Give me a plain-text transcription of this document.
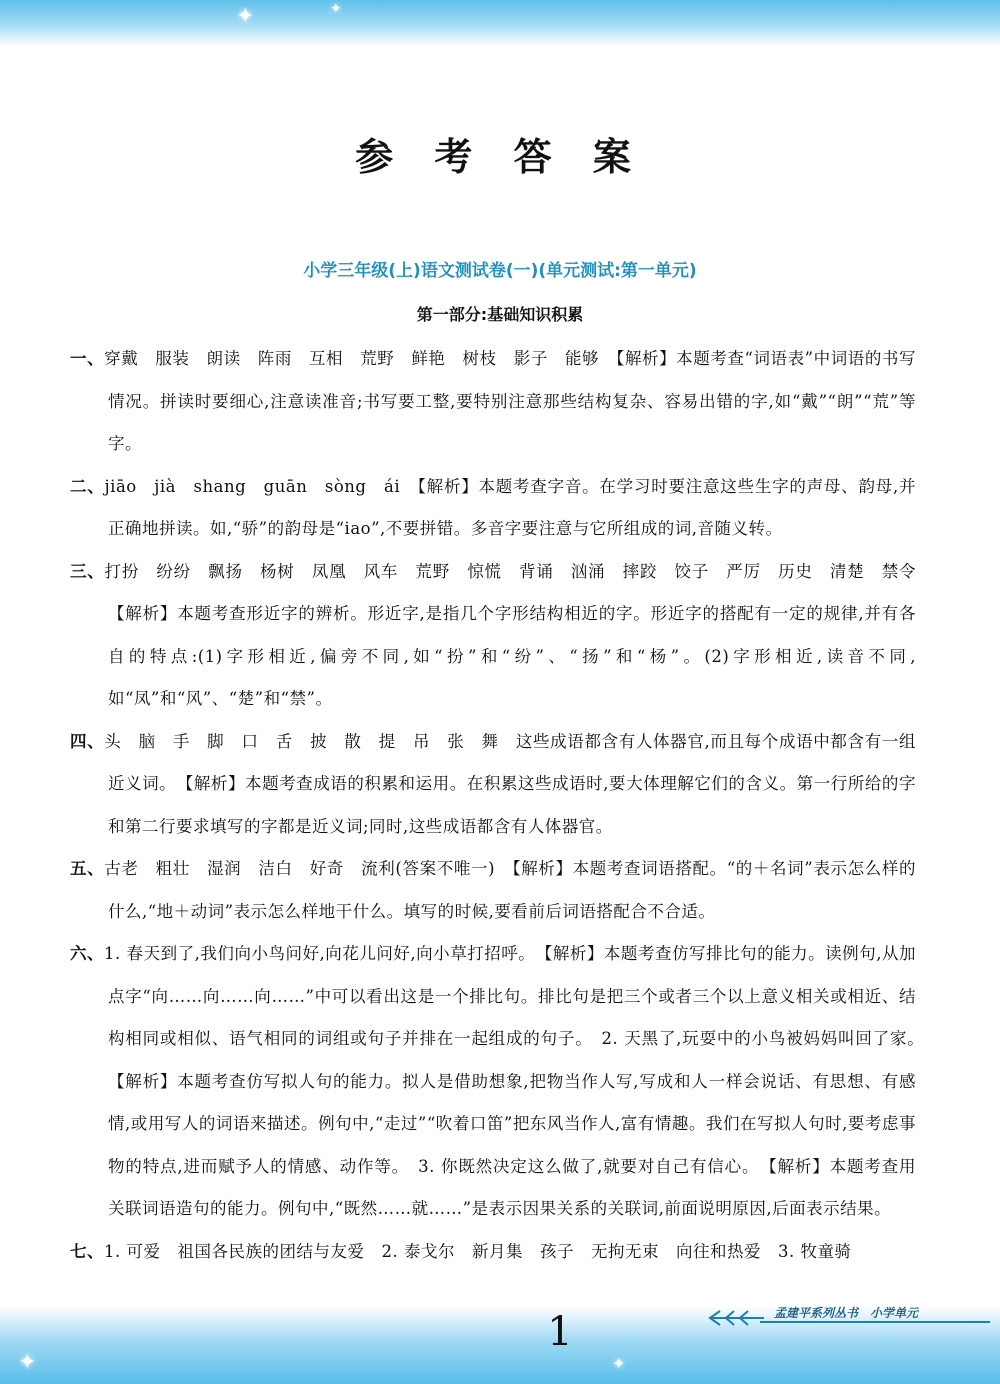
✦	✦
参 考 答 案
小学三年级(上)语文测试卷(一)(单元测试:第一单元)
第一部分:基础知识积累

一、穿戴　服装　朗读　阵雨　互相　荒野　鲜艳　树枝　影子　能够　【解析】本题考查“词语表”中词语的书写情况。拼读时要细心,注意读准音;书写要工整,要特别注意那些结构复杂、容易出错的字,如“戴”“朗”“荒”等字。

二、jiāo　jià　shang　guān　sòng　ái　【解析】本题考查字音。在学习时要注意这些生字的声母、韵母,并正确地拼读。如,“骄”的韵母是“iao”,不要拼错。多音字要注意与它所组成的词,音随义转。

三、打扮　纷纷　飘扬　杨树　凤凰　风车　荒野　惊慌　背诵　汹涌　摔跤　饺子　严厉　历史　清楚　禁令　【解析】本题考查形近字的辨析。形近字,是指几个字形结构相近的字。形近字的搭配有一定的规律,并有各自的特点:(1)字形相近,偏旁不同,如“扮”和“纷”、“扬”和“杨”。(2)字形相近,读音不同,如“凤”和“风”、“楚”和“禁”。

四、头　脑　手　脚　口　舌　披　散　提　吊　张　舞　这些成语都含有人体器官,而且每个成语中都含有一组近义词。　【解析】本题考查成语的积累和运用。在积累这些成语时,要大体理解它们的含义。第一行所给的字和第二行要求填写的字都是近义词;同时,这些成语都含有人体器官。

五、古老　粗壮　湿润　洁白　好奇　流利(答案不唯一)　【解析】本题考查词语搭配。“的＋名词”表示怎么样的什么,“地＋动词”表示怎么样地干什么。填写的时候,要看前后词语搭配合不合适。

六、1. 春天到了,我们向小鸟问好,向花儿问好,向小草打招呼。　【解析】本题考查仿写排比句的能力。读例句,从加点字“向……向……向……”中可以看出这是一个排比句。排比句是把三个或者三个以上意义相关或相近、结构相同或相似、语气相同的词组或句子并排在一起组成的句子。　2. 天黑了,玩耍中的小鸟被妈妈叫回了家。　【解析】本题考查仿写拟人句的能力。拟人是借助想象,把物当作人写,写成和人一样会说话、有思想、有感情,或用写人的词语来描述。例句中,“走过”“吹着口笛”把东风当作人,富有情趣。我们在写拟人句时,要考虑事物的特点,进而赋予人的情感、动作等。　3. 你既然决定这么做了,就要对自己有信心。　【解析】本题考查用关联词语造句的能力。例句中,“既然……就……”是表示因果关系的关联词,前面说明原因,后面表示结果。

七、1. 可爱　祖国各民族的团结与友爱　2. 泰戈尔　新月集　孩子　无拘无束　向往和热爱　3. 牧童骑

✦	✦
孟建平系列丛书　小学单元
1
